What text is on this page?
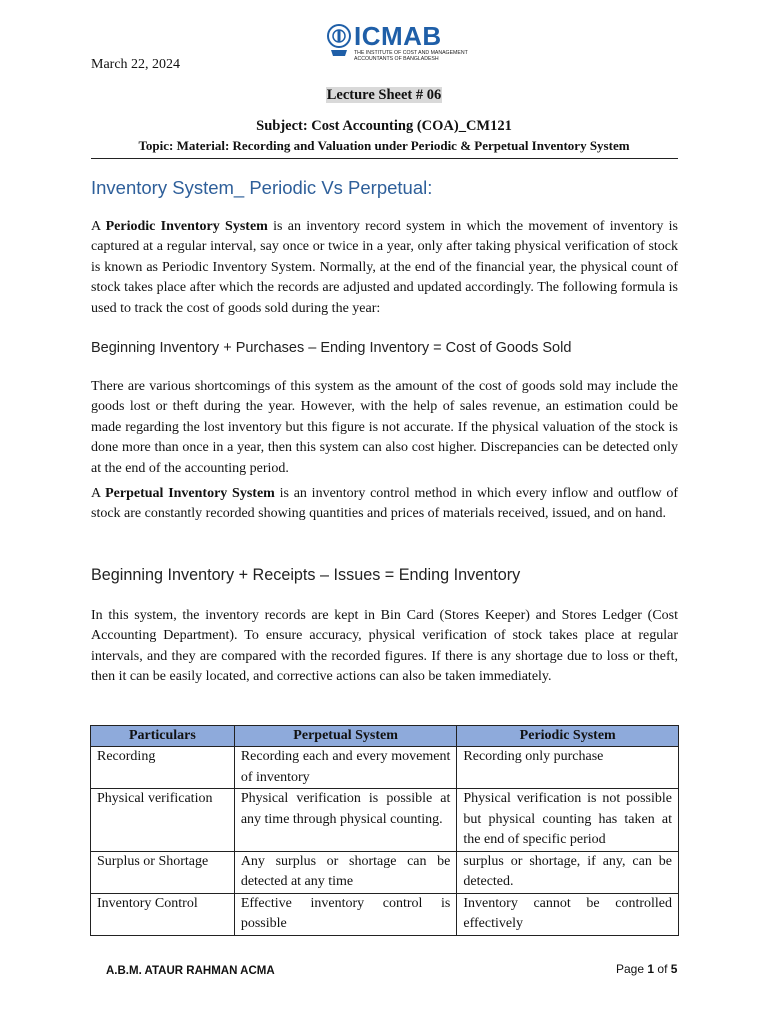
ICMAB
THE INSTITUTE OF COST AND MANAGEMENT
ACCOUNTANTS OF BANGLADESH
March 22, 2024
Lecture Sheet # 06
Subject: Cost Accounting (COA)_CM121
Topic: Material: Recording and Valuation under Periodic & Perpetual Inventory System
Inventory System_ Periodic Vs Perpetual:
A Periodic Inventory System is an inventory record system in which the movement of inventory is captured at a regular interval, say once or twice in a year, only after taking physical verification of stock is known as Periodic Inventory System. Normally, at the end of the financial year, the physical count of stock takes place after which the records are adjusted and updated accordingly. The following formula is used to track the cost of goods sold during the year:
Beginning Inventory + Purchases – Ending Inventory = Cost of Goods Sold
There are various shortcomings of this system as the amount of the cost of goods sold may include the goods lost or theft during the year. However, with the help of sales revenue, an estimation could be made regarding the lost inventory but this figure is not accurate. If the physical valuation of the stock is done more than once in a year, then this system can also cost higher. Discrepancies can be detected only at the end of the accounting period.
A Perpetual Inventory System is an inventory control method in which every inflow and outflow of stock are constantly recorded showing quantities and prices of materials received, issued, and on hand.
Beginning Inventory + Receipts – Issues = Ending Inventory
In this system, the inventory records are kept in Bin Card (Stores Keeper) and Stores Ledger (Cost Accounting Department). To ensure accuracy, physical verification of stock takes place at regular intervals, and they are compared with the recorded figures. If there is any shortage due to loss or theft, then it can be easily located, and corrective actions can also be taken immediately.
Particulars	Perpetual System	Periodic System
Recording	Recording each and every movement of inventory	Recording only purchase
Physical verification	Physical verification is possible at any time through physical counting.	Physical verification is not possible but physical counting has taken at the end of specific period
Surplus or Shortage	Any surplus or shortage can be detected at any time	surplus or shortage, if any, can be detected.
Inventory Control	Effective inventory control is possible	Inventory cannot be controlled effectively
A.B.M. ATAUR RAHMAN ACMA	Page 1 of 5
